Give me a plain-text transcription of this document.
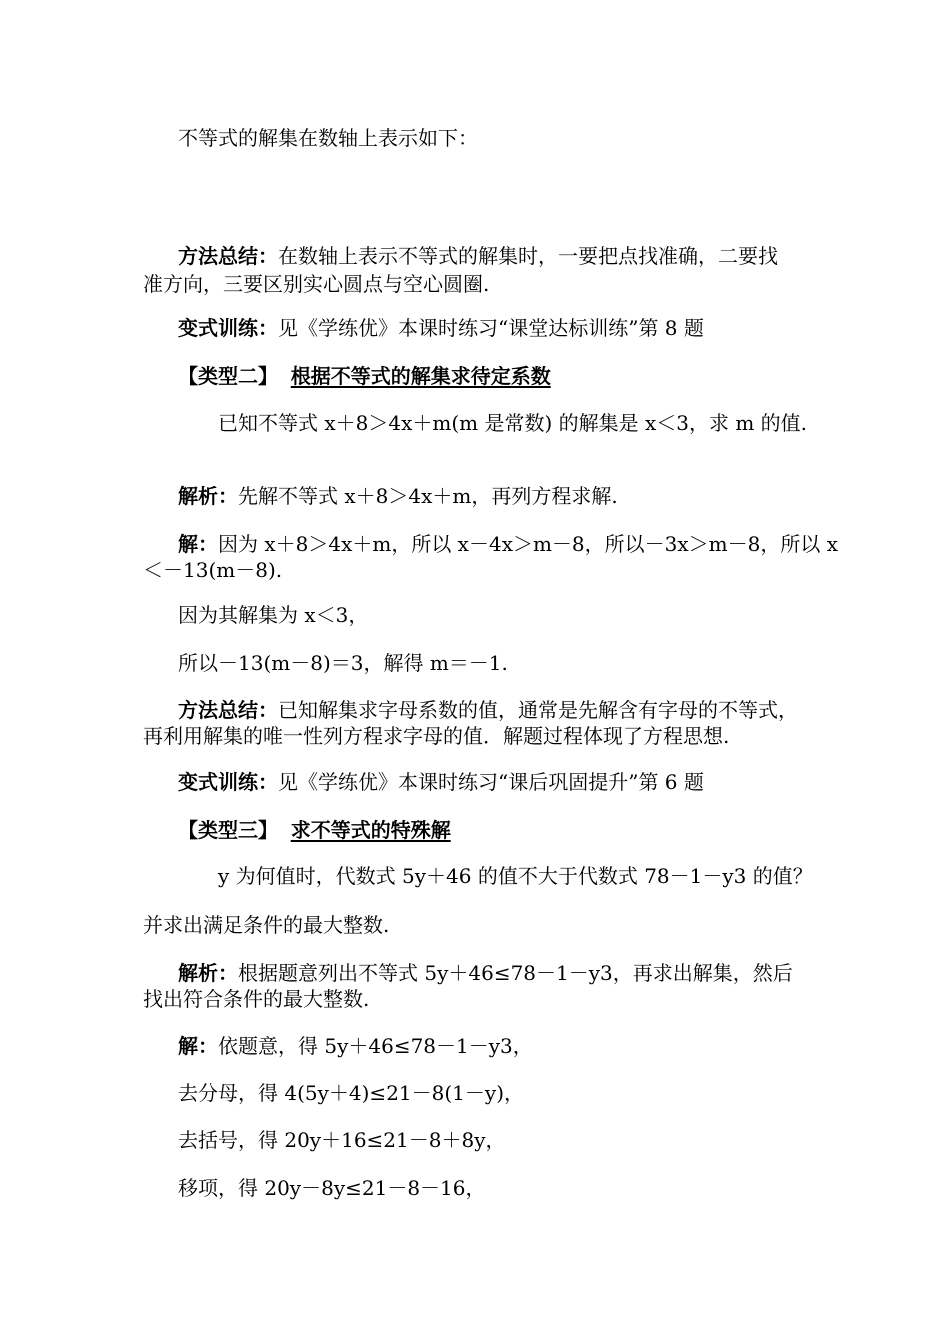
不等式的解集在数轴上表示如下：
方法总结：在数轴上表示不等式的解集时，一要把点找准确，二要找
准方向，三要区别实心圆点与空心圆圈.
变式训练：见《学练优》本课时练习“课堂达标训练”第 8 题
【类型二】 根据不等式的解集求待定系数
已知不等式 x＋8＞4x＋m(m 是常数) 的解集是 x＜3，求 m 的值.
解析：先解不等式 x＋8＞4x＋m，再列方程求解.
解：因为 x＋8＞4x＋m，所以 x－4x＞m－8，所以－3x＞m－8，所以 x
＜－13(m－8).
因为其解集为 x＜3，
所以－13(m－8)＝3，解得 m＝－1.
方法总结：已知解集求字母系数的值，通常是先解含有字母的不等式，
再利用解集的唯一性列方程求字母的值．解题过程体现了方程思想.
变式训练：见《学练优》本课时练习“课后巩固提升”第 6 题
【类型三】 求不等式的特殊解
y 为何值时，代数式 5y＋46 的值不大于代数式 78－1－y3 的值？
并求出满足条件的最大整数.
解析：根据题意列出不等式 5y＋46≤78－1－y3，再求出解集，然后
找出符合条件的最大整数.
解：依题意，得 5y＋46≤78－1－y3，
去分母，得 4(5y＋4)≤21－8(1－y)，
去括号，得 20y＋16≤21－8＋8y，
移项，得 20y－8y≤21－8－16，
